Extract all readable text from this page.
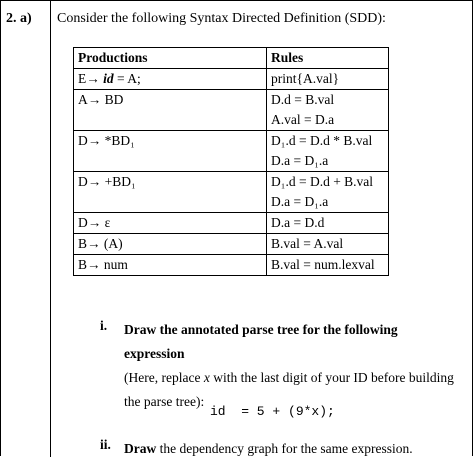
2. a) Consider the following Syntax Directed Definition (SDD):
Productions	Rules
E→ id = A;	print{A.val}

A→ BD	D.d = B.val
A.val = D.a

D→ *BD₁	D₁.d = D.d * B.val
D.a = D₁.a

D→ +BD₁	D₁.d = D.d + B.val
D.a = D₁.a

D→ ε	D.a = D.d

B→ (A)	B.val = A.val

B→ num	B.val = num.lexval
i. Draw the annotated parse tree for the following expression
(Here, replace x with the last digit of your ID before building the parse tree):
id  = 5 + (9*x);
ii. Draw the dependency graph for the same expression.
